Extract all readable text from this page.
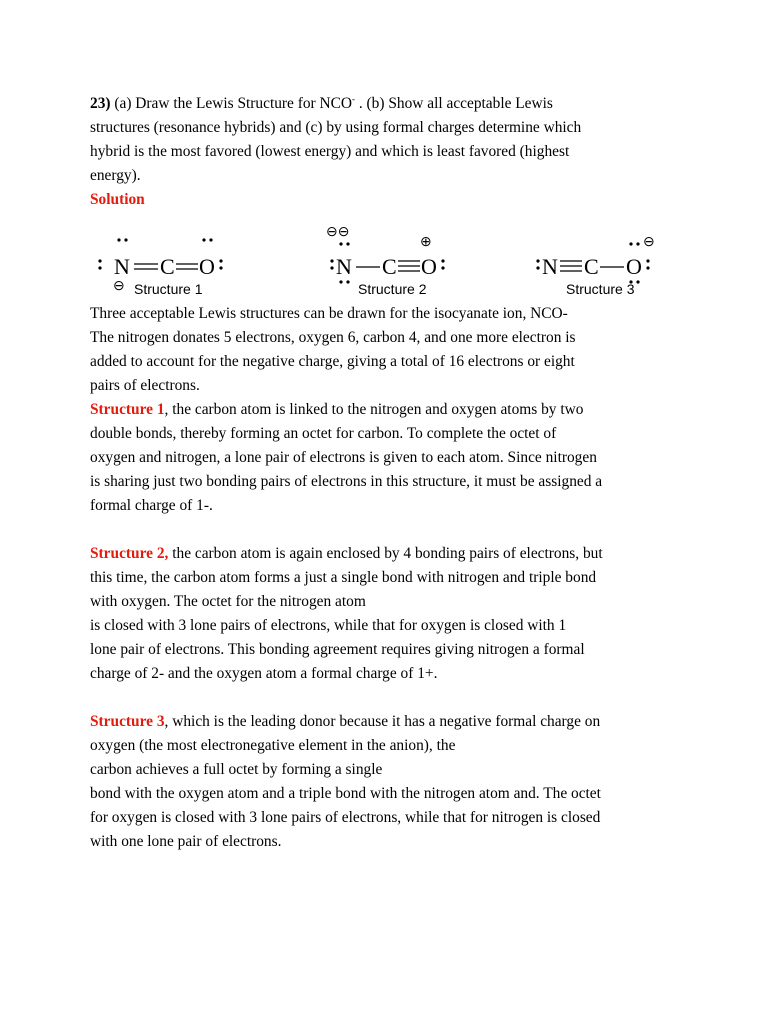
23) (a) Draw the Lewis Structure for NCO- . (b) Show all acceptable Lewis
structures (resonance hybrids) and (c) by using formal charges determine which
hybrid is the most favored (lowest energy) and which is least favored (highest
energy).

Solution

N C O
⊖ Structure 1
⊖⊖
N C O
⊕
Structure 2
N C O
⊖
Structure 3

Three acceptable Lewis structures can be drawn for the isocyanate ion, NCO-
The nitrogen donates 5 electrons, oxygen 6, carbon 4, and one more electron is
added to account for the negative charge, giving a total of 16 electrons or eight
pairs of electrons.

Structure 1, the carbon atom is linked to the nitrogen and oxygen atoms by two
double bonds, thereby forming an octet for carbon. To complete the octet of
oxygen and nitrogen, a lone pair of electrons is given to each atom. Since nitrogen
is sharing just two bonding pairs of electrons in this structure, it must be assigned a
formal charge of 1-.

Structure 2, the carbon atom is again enclosed by 4 bonding pairs of electrons, but
this time, the carbon atom forms a just a single bond with nitrogen and triple bond
with oxygen. The octet for the nitrogen atom
is closed with 3 lone pairs of electrons, while that for oxygen is closed with 1
lone pair of electrons. This bonding agreement requires giving nitrogen a formal
charge of 2- and the oxygen atom a formal charge of 1+.

Structure 3, which is the leading donor because it has a negative formal charge on
oxygen (the most electronegative element in the anion), the
carbon achieves a full octet by forming a single
bond with the oxygen atom and a triple bond with the nitrogen atom and. The octet
for oxygen is closed with 3 lone pairs of electrons, while that for nitrogen is closed
with one lone pair of electrons.
